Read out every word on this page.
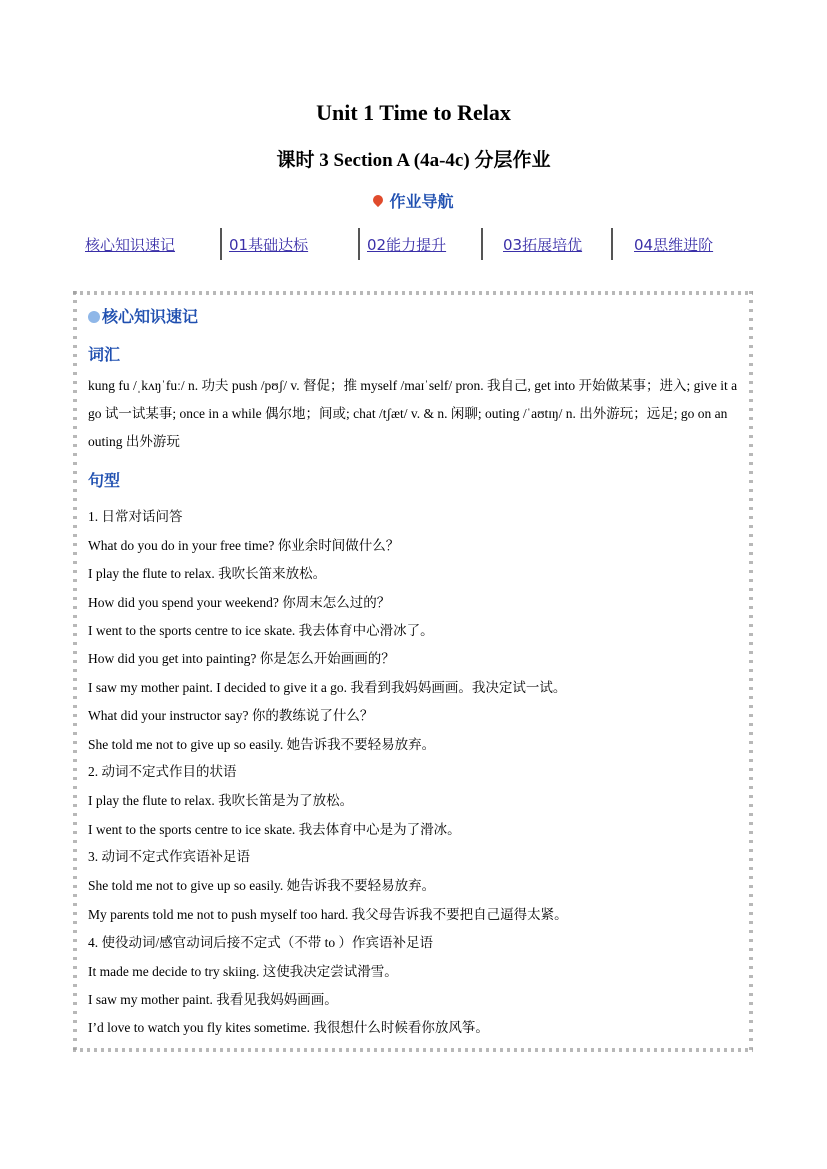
Unit 1 Time to Relax
课时 3 Section A (4a-4c) 分层作业
作业导航
核心知识速记	01基础达标	02能力提升	03拓展培优	04思维进阶
核心知识速记
词汇
kung fu /ˌkʌŋˈfuː/ n. 功夫 push /pʊʃ/ v. 督促；推 myself /maɪˈself/ pron. 我自己, get into 开始做某事；进入; give it a go 试一试某事; once in a while 偶尔地；间或; chat /tʃæt/ v. & n. 闲聊; outing /ˈaʊtɪŋ/ n. 出外游玩；远足; go on an outing 出外游玩
句型
1. 日常对话问答
What do you do in your free time? 你业余时间做什么？
I play the flute to relax. 我吹长笛来放松。
How did you spend your weekend? 你周末怎么过的？
I went to the sports centre to ice skate. 我去体育中心滑冰了。
How did you get into painting? 你是怎么开始画画的？
I saw my mother paint. I decided to give it a go. 我看到我妈妈画画。我决定试一试。
What did your instructor say? 你的教练说了什么？
She told me not to give up so easily. 她告诉我不要轻易放弃。
2. 动词不定式作目的状语
I play the flute to relax. 我吹长笛是为了放松。
I went to the sports centre to ice skate. 我去体育中心是为了滑冰。
3. 动词不定式作宾语补足语
She told me not to give up so easily. 她告诉我不要轻易放弃。
My parents told me not to push myself too hard. 我父母告诉我不要把自己逼得太紧。
4. 使役动词/感官动词后接不定式（不带 to ）作宾语补足语
It made me decide to try skiing. 这使我决定尝试滑雪。
I saw my mother paint. 我看见我妈妈画画。
I’d love to watch you fly kites sometime. 我很想什么时候看你放风筝。
